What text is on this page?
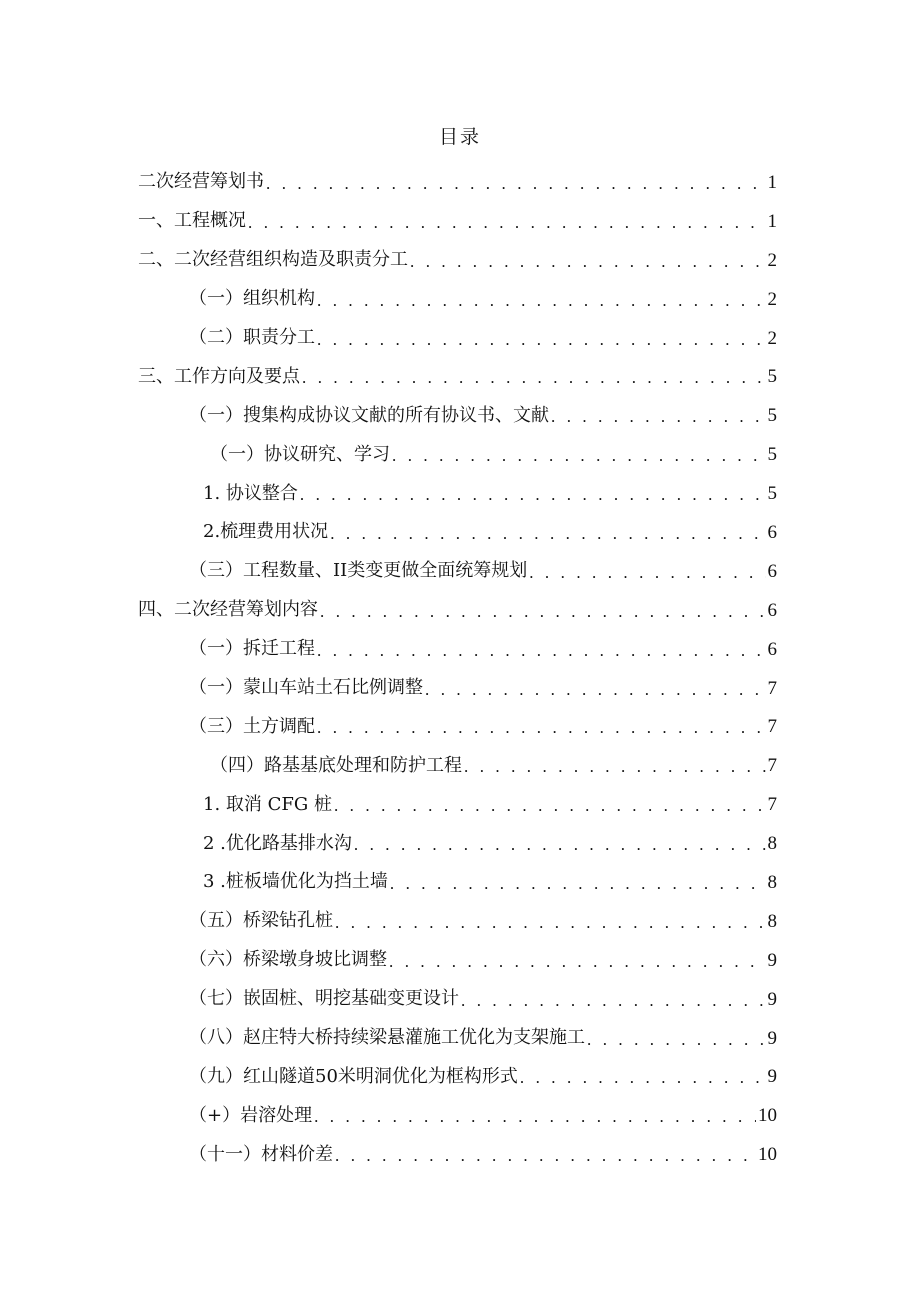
目录
二次经营筹划书 . . .	1
一、工程概况 . . .	1
二、二次经营组织构造及职责分工 . . .	2
（一）组织机构 . . .	2
（二）职责分工 . . .	2
三、工作方向及要点 . . .	5
（一）搜集构成协议文献的所有协议书、文献 . . .	5
（一）协议研究、学习 . . .	5
1. 协议整合 . . .	5
2.梳理费用状况 . . .	6
（三）工程数量、II类变更做全面统筹规划 . . .	6
四、二次经营筹划内容 . . .	6
（一）拆迁工程 . . .	6
（一）蒙山车站土石比例调整 . . .	7
（三）土方调配 . . .	7
（四）路基基底处理和防护工程 . . .	7
1. 取消 CFG 桩 . . .	7
2 .优化路基排水沟 . . .	8
3 .桩板墙优化为挡土墙 . . .	8
（五）桥梁钻孔桩 . . .	8
（六）桥梁墩身坡比调整 . . .	9
（七）嵌固桩、明挖基础变更设计 . . .	9
（八）赵庄特大桥持续梁悬灌施工优化为支架施工 . . .	9
（九）红山隧道50米明洞优化为框构形式 . . .	9
（+）岩溶处理 . . .	10
（十一）材料价差 . . .	10
